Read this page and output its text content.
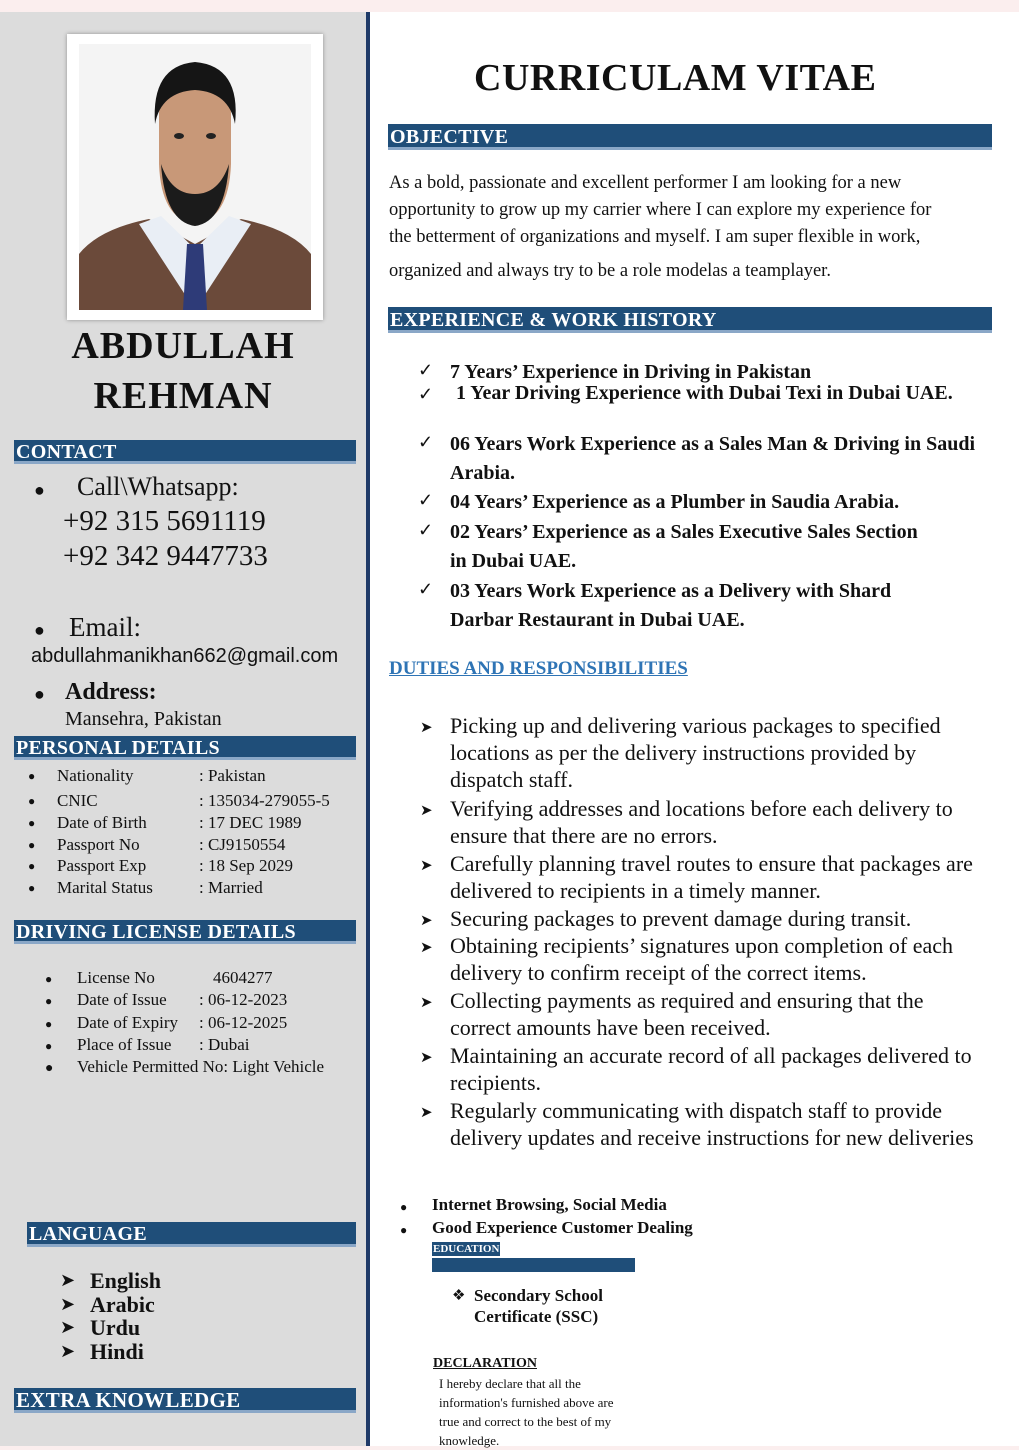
ABDULLAH
REHMAN
CONTACT
● Call\Whatsapp:
+92 315 5691119
+92 342 9447733
● Email:
abdullahmanikhan662@gmail.com
● Address:
Mansehra, Pakistan
PERSONAL DETAILS
● Nationality	: Pakistan
● CNIC	: 135034-279055-5
● Date of Birth	: 17 DEC 1989
● Passport No	: CJ9150554
● Passport Exp	: 18 Sep 2029
● Marital Status	: Married
DRIVING LICENSE DETAILS
● License No	4604277
● Date of Issue : 06-12-2023
● Date of Expiry : 06-12-2025
● Place of Issue : Dubai
● Vehicle Permitted No: Light Vehicle
LANGUAGE
➤ English
➤ Arabic
➤ Urdu
➤ Hindi
EXTRA KNOWLEDGE
CURRICULAM VITAE
OBJECTIVE
As a bold, passionate and excellent performer I am looking for a new
opportunity to grow up my carrier where I can explore my experience for
the betterment of organizations and myself. I am super flexible in work,
organized and always try to be a role modelas a teamplayer.
EXPERIENCE & WORK HISTORY
✓ 7 Years’ Experience in Driving in Pakistan
✓ 1 Year Driving Experience with Dubai Texi in Dubai UAE.
✓ 06 Years Work Experience as a Sales Man & Driving in Saudi Arabia.
✓ 04 Years’ Experience as a Plumber in Saudia Arabia.
✓ 02 Years’ Experience as a Sales Executive Sales Section in Dubai UAE.
✓ 03 Years Work Experience as a Delivery with Shard Darbar Restaurant in Dubai UAE.
DUTIES AND RESPONSIBILITIES
➤ Picking up and delivering various packages to specified locations as per the delivery instructions provided by dispatch staff.
➤ Verifying addresses and locations before each delivery to ensure that there are no errors.
➤ Carefully planning travel routes to ensure that packages are delivered to recipients in a timely manner.
➤ Securing packages to prevent damage during transit.
➤ Obtaining recipients’ signatures upon completion of each delivery to confirm receipt of the correct items.
➤ Collecting payments as required and ensuring that the correct amounts have been received.
➤ Maintaining an accurate record of all packages delivered to recipients.
➤ Regularly communicating with dispatch staff to provide delivery updates and receive instructions for new deliveries
● Internet Browsing, Social Media
● Good Experience Customer Dealing
EDUCATION
❖ Secondary School Certificate (SSC)
DECLARATION
I hereby declare that all the information's furnished above are true and correct to the best of my knowledge.
